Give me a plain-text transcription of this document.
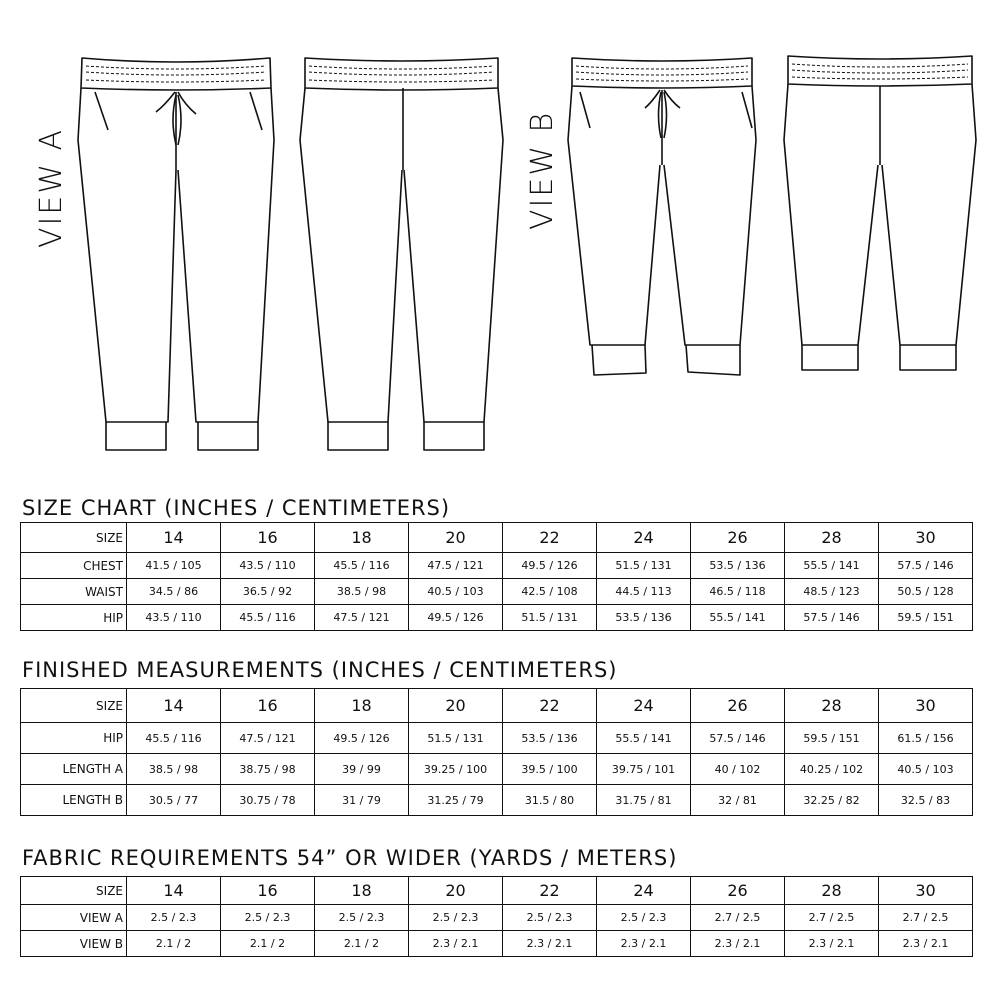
VIEW A	VIEW B
SIZE CHART (INCHES / CENTIMETERS)
SIZE	14	16	18	20	22	24	26	28	30
CHEST	41.5 / 105	43.5 / 110	45.5 / 116	47.5 / 121	49.5 / 126	51.5 / 131	53.5 / 136	55.5 / 141	57.5 / 146
WAIST	34.5 / 86	36.5 / 92	38.5 / 98	40.5 / 103	42.5 / 108	44.5 / 113	46.5 / 118	48.5 / 123	50.5 / 128
HIP	43.5 / 110	45.5 / 116	47.5 / 121	49.5 / 126	51.5 / 131	53.5 / 136	55.5 / 141	57.5 / 146	59.5 / 151
FINISHED MEASUREMENTS (INCHES / CENTIMETERS)
SIZE	14	16	18	20	22	24	26	28	30
HIP	45.5 / 116	47.5 / 121	49.5 / 126	51.5 / 131	53.5 / 136	55.5 / 141	57.5 / 146	59.5 / 151	61.5 / 156
LENGTH A	38.5 / 98	38.75 / 98	39 / 99	39.25 / 100	39.5 / 100	39.75 / 101	40 / 102	40.25 / 102	40.5 / 103
LENGTH B	30.5 / 77	30.75 / 78	31 / 79	31.25 / 79	31.5 / 80	31.75 / 81	32 / 81	32.25 / 82	32.5 / 83
FABRIC REQUIREMENTS 54” OR WIDER (YARDS / METERS)
SIZE	14	16	18	20	22	24	26	28	30
VIEW A	2.5 / 2.3	2.5 / 2.3	2.5 / 2.3	2.5 / 2.3	2.5 / 2.3	2.5 / 2.3	2.7 / 2.5	2.7 / 2.5	2.7 / 2.5
VIEW B	2.1 / 2	2.1 / 2	2.1 / 2	2.3 / 2.1	2.3 / 2.1	2.3 / 2.1	2.3 / 2.1	2.3 / 2.1	2.3 / 2.1
